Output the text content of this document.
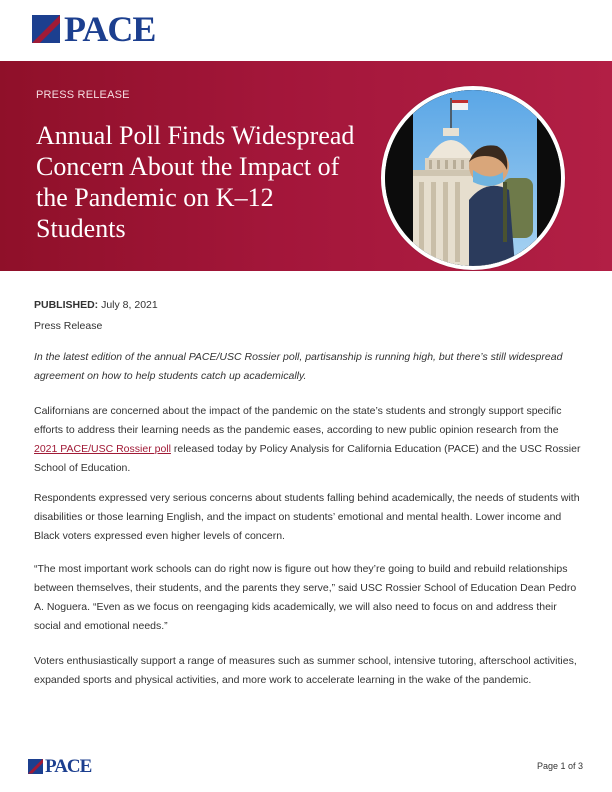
PACE
PRESS RELEASE
Annual Poll Finds Widespread Concern About the Impact of the Pandemic on K–12 Students
PUBLISHED: July 8, 2021
Press Release

In the latest edition of the annual PACE/USC Rossier poll, partisanship is running high, but there’s still widespread agreement on how to help students catch up academically.

Californians are concerned about the impact of the pandemic on the state’s students and strongly support specific efforts to address their learning needs as the pandemic eases, according to new public opinion research from the 2021 PACE/USC Rossier poll released today by Policy Analysis for California Education (PACE) and the USC Rossier School of Education.

Respondents expressed very serious concerns about students falling behind academically, the needs of students with disabilities or those learning English, and the impact on students’ emotional and mental health. Lower income and Black voters expressed even higher levels of concern.

“The most important work schools can do right now is figure out how they’re going to build and rebuild relationships between themselves, their students, and the parents they serve,” said USC Rossier School of Education Dean Pedro A. Noguera. “Even as we focus on reengaging kids academically, we will also need to focus on and address their social and emotional needs.”

Voters enthusiastically support a range of measures such as summer school, intensive tutoring, afterschool activities, expanded sports and physical activities, and more work to accelerate learning in the wake of the pandemic.

PACE	Page 1 of 3
